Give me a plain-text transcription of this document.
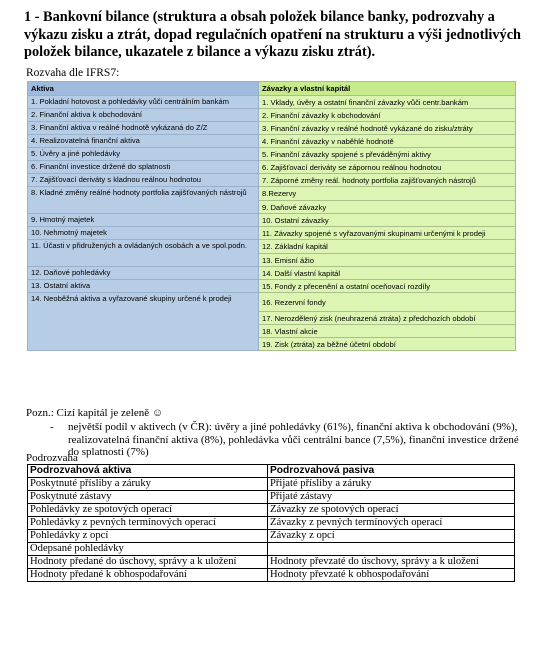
1 - Bankovní bilance (struktura a obsah položek bilance banky, podrozvahy a výkazu zisku a ztrát, dopad regulačních opatření na strukturu a výši jednotlivých položek bilance, ukazatele z bilance a výkazu zisku ztrát).
Rozvaha dle IFRS7:
Aktiva	Závazky a vlastní kapitál
1. Pokladní hotovost a pohledávky vůči centrálním bankám	1. Vklady, úvěry a ostatní finanční závazky vůči centr.bankám
2. Finanční aktiva k obchodování	2. Finanční závazky k obchodování
3. Finanční aktiva v reálné hodnotě vykázaná do Z/Z	3. Finanční závazky v reálné hodnotě vykázané do zisku/ztráty
4. Realizovatelná finanční aktiva	4. Finanční závazky v naběhlé hodnotě
5. Úvěry a jiné pohledávky	5. Finanční závazky spojené s převáděnými aktivy
6. Finanční investice držené do splatnosti	6. Zajišťovací deriváty se zápornou reálnou hodnotou
7. Zajišťovací deriváty s kladnou reálnou hodnotou	7. Záporné změny reál. hodnoty portfolia zajišťovaných nástrojů
8. Kladné změny reálné hodnoty portfolia zajišťovaných nástrojů	8.Rezervy
	9. Daňové závazky
9. Hmotný majetek	10. Ostatní závazky
10. Nehmotný majetek	11. Závazky spojené s vyřazovanými skupinami určenými k prodeji
11. Účasti v přidružených a ovládaných osobách a ve spol.podn.	12. Základní kapitál
	13. Emisní ážio
12. Daňové pohledávky	14. Další vlastní kapitál
13. Ostatní aktiva	15. Fondy z přecenění a ostatní oceňovací rozdíly
14. Neoběžná aktiva a vyřazované skupiny určené k prodeji	16. Rezervní fondy
	17. Nerozdělený zisk (neuhrazená ztráta) z předchozích období
	18. Vlastní akcie
	19. Zisk (ztráta) za běžné účetní období
Pozn.: Cizí kapitál je zeleně ☺
- největší podíl v aktivech (v ČR): úvěry a jiné pohledávky (61%), finanční aktiva k obchodování (9%), realizovatelná finanční aktiva (8%), pohledávka vůči centrální bance (7,5%), finanční investice držené do splatnosti (7%)
Podrozvaha
Podrozvahová aktiva	Podrozvahová pasiva
Poskytnuté přísliby a záruky	Přijaté přísliby a záruky
Poskytnuté zástavy	Přijaté zástavy
Pohledávky ze spotových operací	Závazky ze spotových operací
Pohledávky z pevných termínových operací	Závazky z pevných termínových operací
Pohledávky z opcí	Závazky z opcí
Odepsané pohledávky	
Hodnoty předané do úschovy, správy a k uložení	Hodnoty převzaté do úschovy, správy a k uložení
Hodnoty předané k obhospodařování	Hodnoty převzaté k obhospodařování
